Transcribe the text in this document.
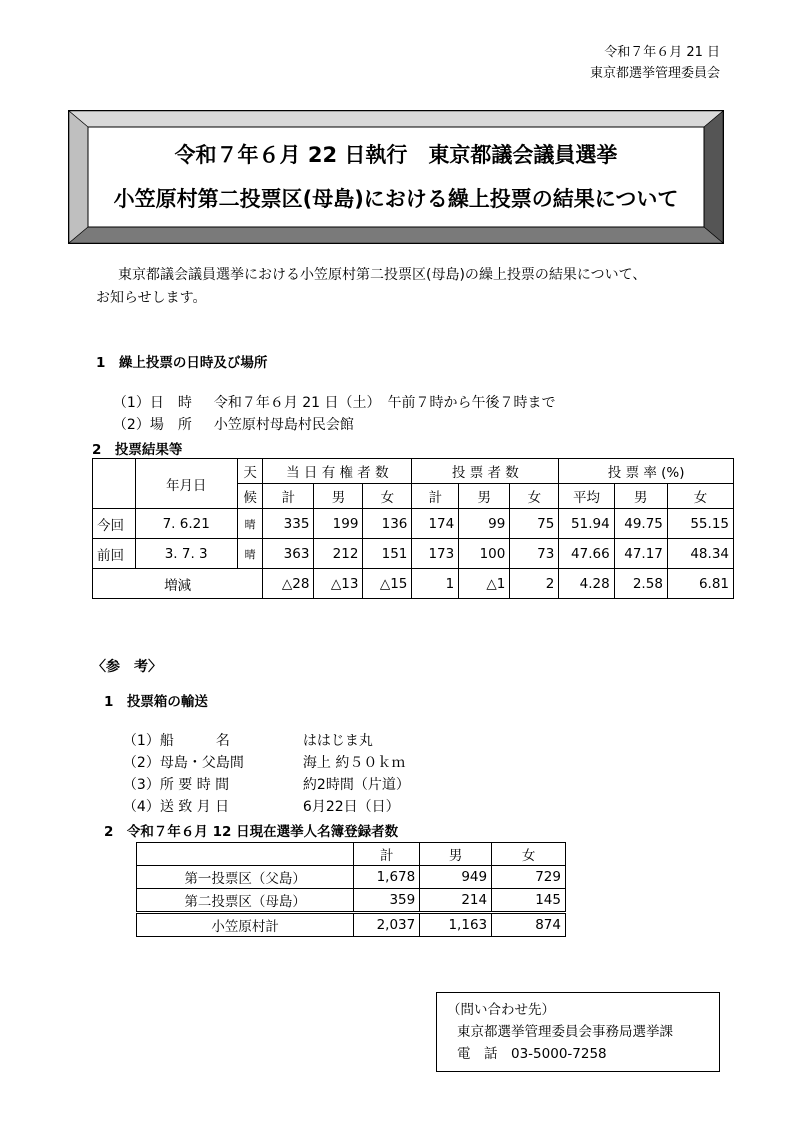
令和７年６月 21 日
東京都選挙管理委員会
令和７年６月 22 日執行　東京都議会議員選挙
小笠原村第二投票区(母島)における繰上投票の結果について
東京都議会議員選挙における小笠原村第二投票区(母島)の繰上投票の結果について、
お知らせします。
1　繰上投票の日時及び場所

（1）日　時 令和７年６月 21 日（土）　午前７時から午後７時まで

（2）場　所 小笠原村母島村民会館

2　投票結果等
	年月日	天	当 日 有 権 者 数			投 票 者 数			投 票 率 (%)		
		候	計	男	女	計	男	女	平均	男	女
今回	7. 6.21	晴	335	199	136	174	99	75	51.94	49.75	55.15
前回	3. 7. 3	晴	363	212	151	173	100	73	47.66	47.17	48.34
増減			△28	△13	△15	1	△1	2	4.28	2.58	6.81
〈参　考〉
1　投票箱の輸送

（1）船　　　名	ははじま丸

（2）母島・父島間	海上 約５０ｋｍ

（3）所 要 時 間	約2時間（片道）

（4）送 致 月 日	6月22日（日）

2　令和７年６月 12 日現在選挙人名簿登録者数
	計	男	女
第一投票区（父島）	1,678	949	729
第二投票区（母島）	359	214	145
小笠原村計	2,037	1,163	874
（問い合わせ先）
東京都選挙管理委員会事務局選挙課
電　話　03-5000-7258
